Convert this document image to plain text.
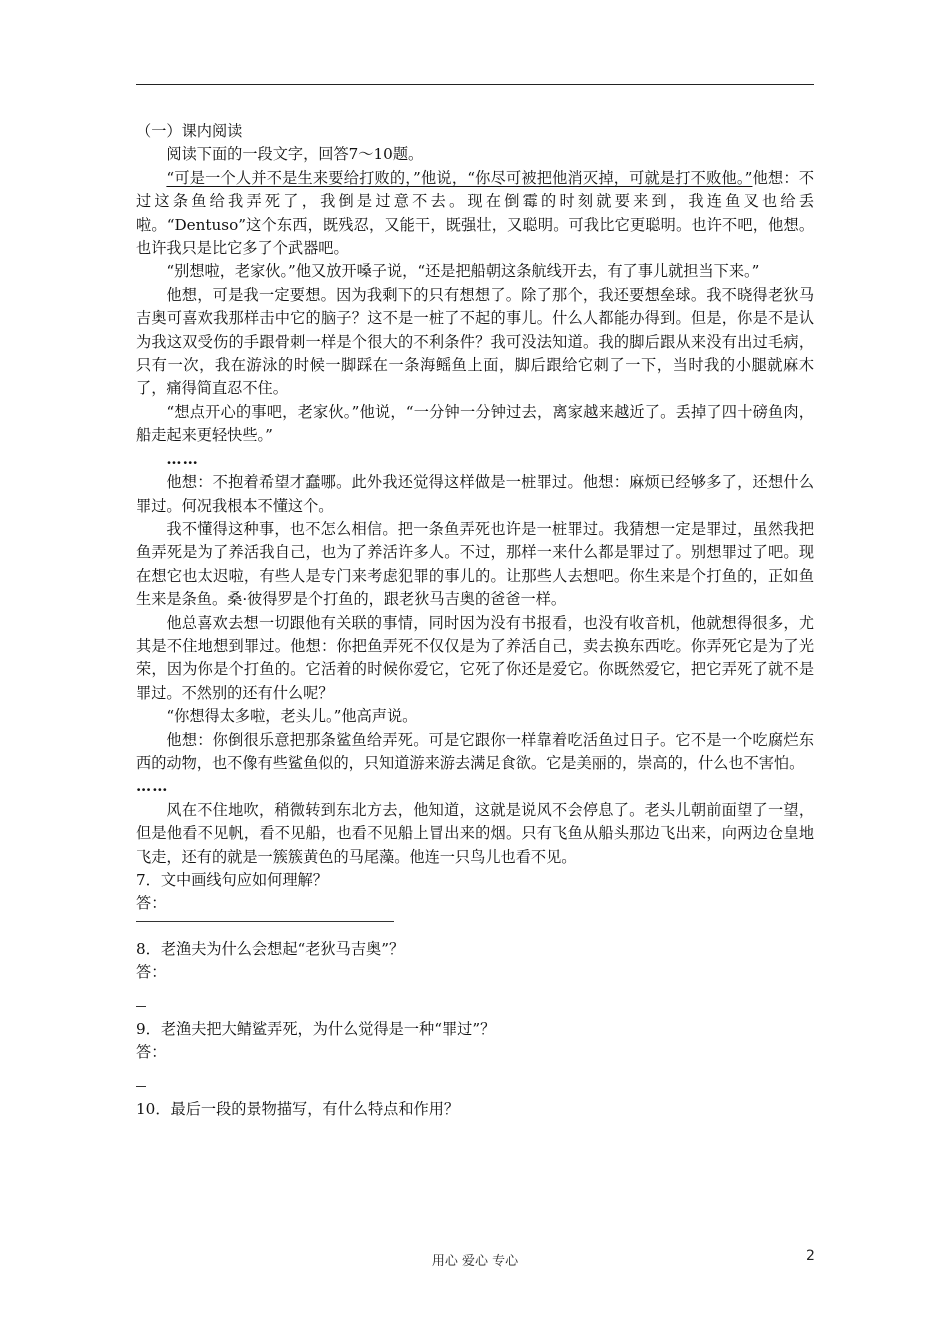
（一）课内阅读

阅读下面的一段文字，回答7～10题。

“可是一个人并不是生来要给打败的，”他说，“你尽可被把他消灭掉，可就是打不败他。”他想：不过这条鱼给我弄死了，我倒是过意不去。现在倒霉的时刻就要来到，我连鱼叉也给丢啦。“Dentuso”这个东西，既残忍，又能干，既强壮，又聪明。可我比它更聪明。也许不吧，他想。也许我只是比它多了个武器吧。

“别想啦，老家伙。”他又放开嗓子说，“还是把船朝这条航线开去，有了事儿就担当下来。”

他想，可是我一定要想。因为我剩下的只有想想了。除了那个，我还要想垒球。我不晓得老狄马吉奥可喜欢我那样击中它的脑子？这不是一桩了不起的事儿。什么人都能办得到。但是，你是不是认为我这双受伤的手跟骨刺一样是个很大的不利条件？我可没法知道。我的脚后跟从来没有出过毛病，只有一次，我在游泳的时候一脚踩在一条海鳐鱼上面，脚后跟给它刺了一下，当时我的小腿就麻木了，痛得简直忍不住。

“想点开心的事吧，老家伙。”他说，“一分钟一分钟过去，离家越来越近了。丢掉了四十磅鱼肉，船走起来更轻快些。”

……

他想：不抱着希望才蠢哪。此外我还觉得这样做是一桩罪过。他想：麻烦已经够多了，还想什么罪过。何况我根本不懂这个。

我不懂得这种事，也不怎么相信。把一条鱼弄死也许是一桩罪过。我猜想一定是罪过，虽然我把鱼弄死是为了养活我自己，也为了养活许多人。不过，那样一来什么都是罪过了。别想罪过了吧。现在想它也太迟啦，有些人是专门来考虑犯罪的事儿的。让那些人去想吧。你生来是个打鱼的，正如鱼生来是条鱼。桑·彼得罗是个打鱼的，跟老狄马吉奥的爸爸一样。

他总喜欢去想一切跟他有关联的事情，同时因为没有书报看，也没有收音机，他就想得很多，尤其是不住地想到罪过。他想：你把鱼弄死不仅仅是为了养活自己，卖去换东西吃。你弄死它是为了光荣，因为你是个打鱼的。它活着的时候你爱它，它死了你还是爱它。你既然爱它，把它弄死了就不是罪过。不然别的还有什么呢？

“你想得太多啦，老头儿。”他高声说。

他想：你倒很乐意把那条鲨鱼给弄死。可是它跟你一样靠着吃活鱼过日子。它不是一个吃腐烂东西的动物，也不像有些鲨鱼似的，只知道游来游去满足食欲。它是美丽的，崇高的，什么也不害怕。

……

风在不住地吹，稍微转到东北方去，他知道，这就是说风不会停息了。老头儿朝前面望了一望，但是他看不见帆，看不见船，也看不见船上冒出来的烟。只有飞鱼从船头那边飞出来，向两边仓皇地飞走，还有的就是一簇簇黄色的马尾藻。他连一只鸟儿也看不见。

7．文中画线句应如何理解？

答：

8．老渔夫为什么会想起“老狄马吉奥”？

答：

9．老渔夫把大鲭鲨弄死，为什么觉得是一种“罪过”？

答：

10．最后一段的景物描写，有什么特点和作用？

用心 爱心 专心	2
